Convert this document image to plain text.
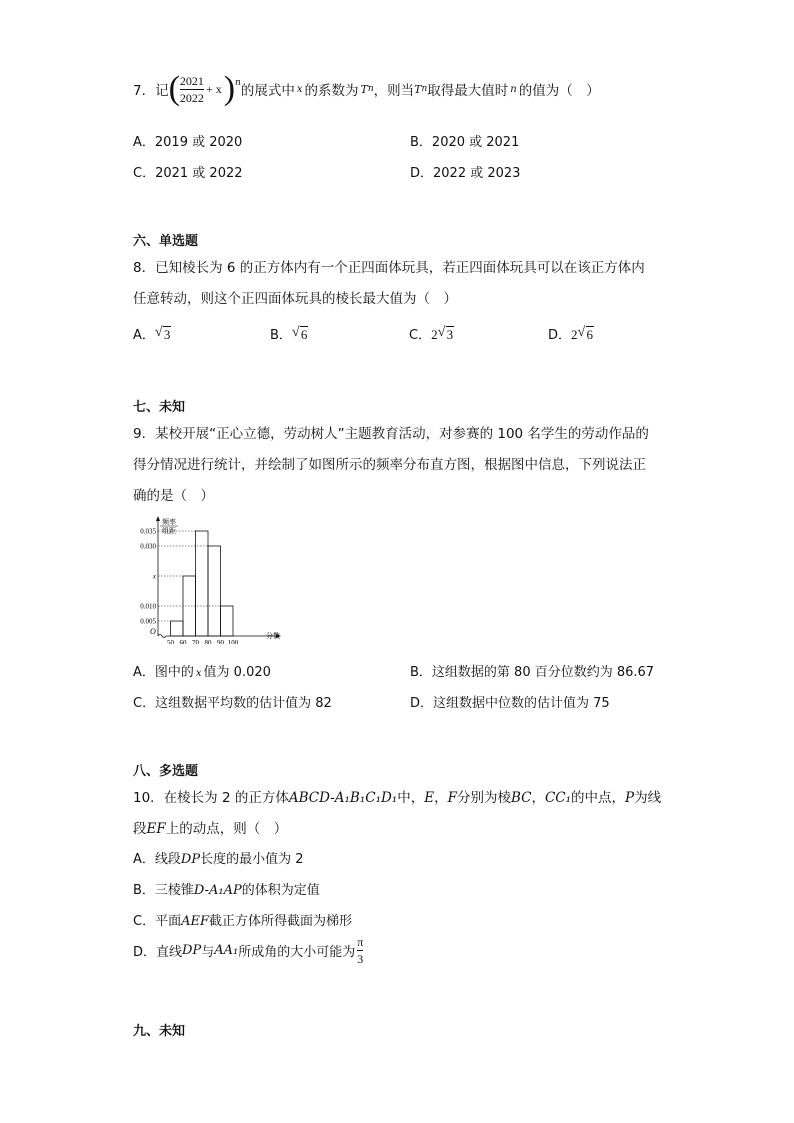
7．记 ( $\frac{2021}{2022} + x$ ) n 的展式中 x 的系数为 T n ，则当 T n 取得最大值时 n 的值为（　）
A．2019 或 2020	B．2020 或 2021
C．2021 或 2022	D．2022 或 2023
六、单选题
8．已知棱长为 6 的正方体内有一个正四面体玩具，若正四面体玩具可以在该正方体内
任意转动，则这个正四面体玩具的棱长最大值为（　）
A． √ 3	B． √ 6	C．2 √ 3	D．2 √ 6
七、未知
9．某校开展“正心立德，劳动树人”主题教育活动，对参赛的 100 名学生的劳动作品的
得分情况进行统计，并绘制了如图所示的频率分布直方图，根据图中信息，下列说法正
确的是（　）
频率
组距
O	分数
0.035
0.030
x
0.010
0.005
50 60 70 80 90 100
A．图中的 x 值为 0.020	B．这组数据的第 80 百分位数约为 86.67
C．这组数据平均数的估计值为 82	D．这组数据中位数的估计值为 75
八、多选题
10．在棱长为 2 的正方体ABCD-A₁B₁C₁D₁中，E，F分别为棱BC，CC₁的中点，P为线
段EF上的动点，则（　）
A．线段DP长度的最小值为 2
B．三棱锥D-A₁AP的体积为定值
C．平面AEF截正方体所得截面为梯形
D．直线 DP 与 AA₁ 所成角的大小可能为 $\frac{\pi}{3}$
九、未知
